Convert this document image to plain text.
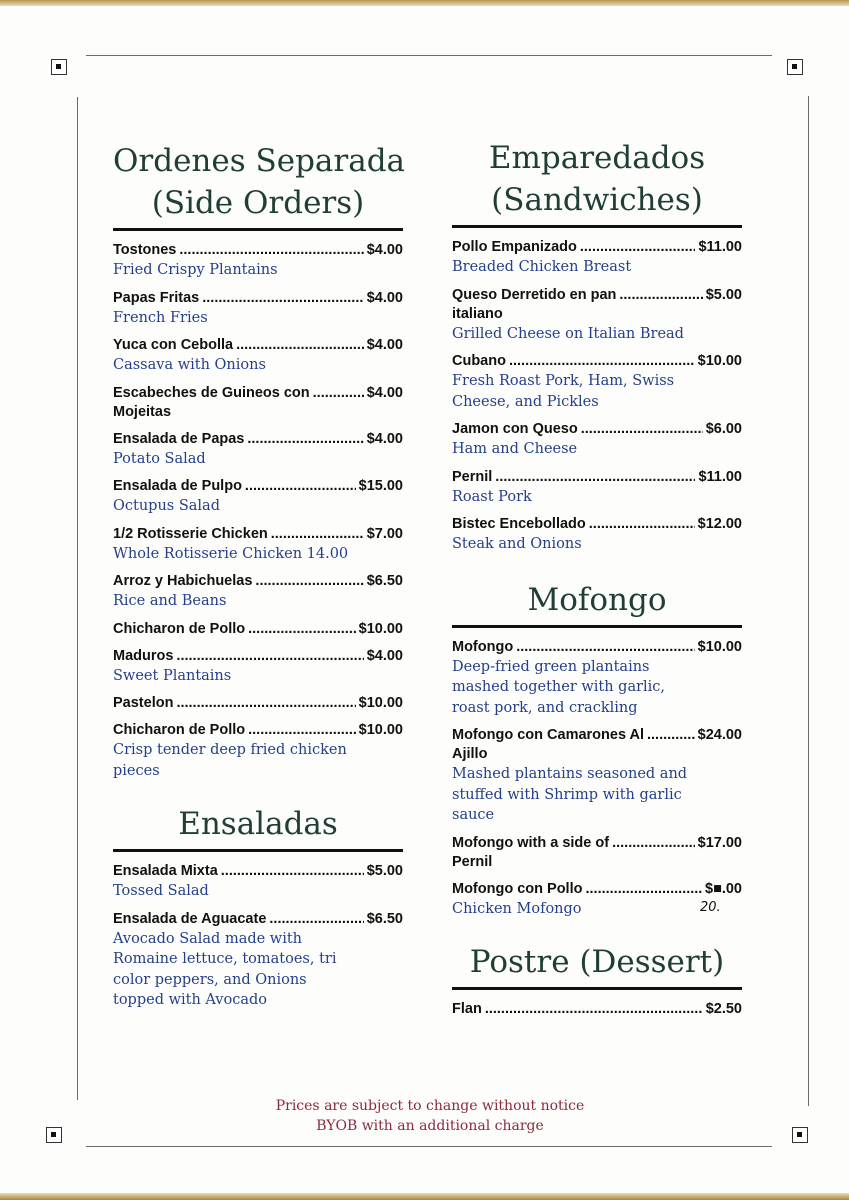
Ordenes Separada
(Side Orders)
Tostones .....	$4.00
Fried Crispy Plantains
Papas Fritas .....	$4.00
French Fries
Yuca con Cebolla .....	$4.00
Cassava with Onions
Escabeches de Guineos con .....	$4.00
Mojeitas
Ensalada de Papas .....	$4.00
Potato Salad
Ensalada de Pulpo .....	$15.00
Octupus Salad
1/2 Rotisserie Chicken .....	$7.00
Whole Rotisserie Chicken 14.00
Arroz y Habichuelas .....	$6.50
Rice and Beans
Chicharon de Pollo .....	$10.00
Maduros .....	$4.00
Sweet Plantains
Pastelon .....	$10.00
Chicharon de Pollo .....	$10.00
Crisp tender deep fried chicken pieces
Ensaladas
Ensalada Mixta .....	$5.00
Tossed Salad
Ensalada de Aguacate .....	$6.50
Avocado Salad made with Romaine lettuce, tomatoes, tri color peppers, and Onions topped with Avocado
Emparedados
(Sandwiches)
Pollo Empanizado .....	$11.00
Breaded Chicken Breast
Queso Derretido en pan .....	$5.00
italiano
Grilled Cheese on Italian Bread
Cubano .....	$10.00
Fresh Roast Pork, Ham, Swiss Cheese, and Pickles
Jamon con Queso .....	$6.00
Ham and Cheese
Pernil .....	$11.00
Roast Pork
Bistec Encebollado .....	$12.00
Steak and Onions
Mofongo
Mofongo .....	$10.00
Deep-fried green plantains mashed together with garlic, roast pork, and crackling
Mofongo con Camarones Al .....	$24.00
Ajillo
Mashed plantains seasoned and stuffed with Shrimp with garlic sauce
Mofongo with a side of .....	$17.00
Pernil
Mofongo con Pollo .....	$■.00
Chicken Mofongo
Postre (Dessert)
Flan .....	$2.50
20.
Prices are subject to change without notice
BYOB with an additional charge
